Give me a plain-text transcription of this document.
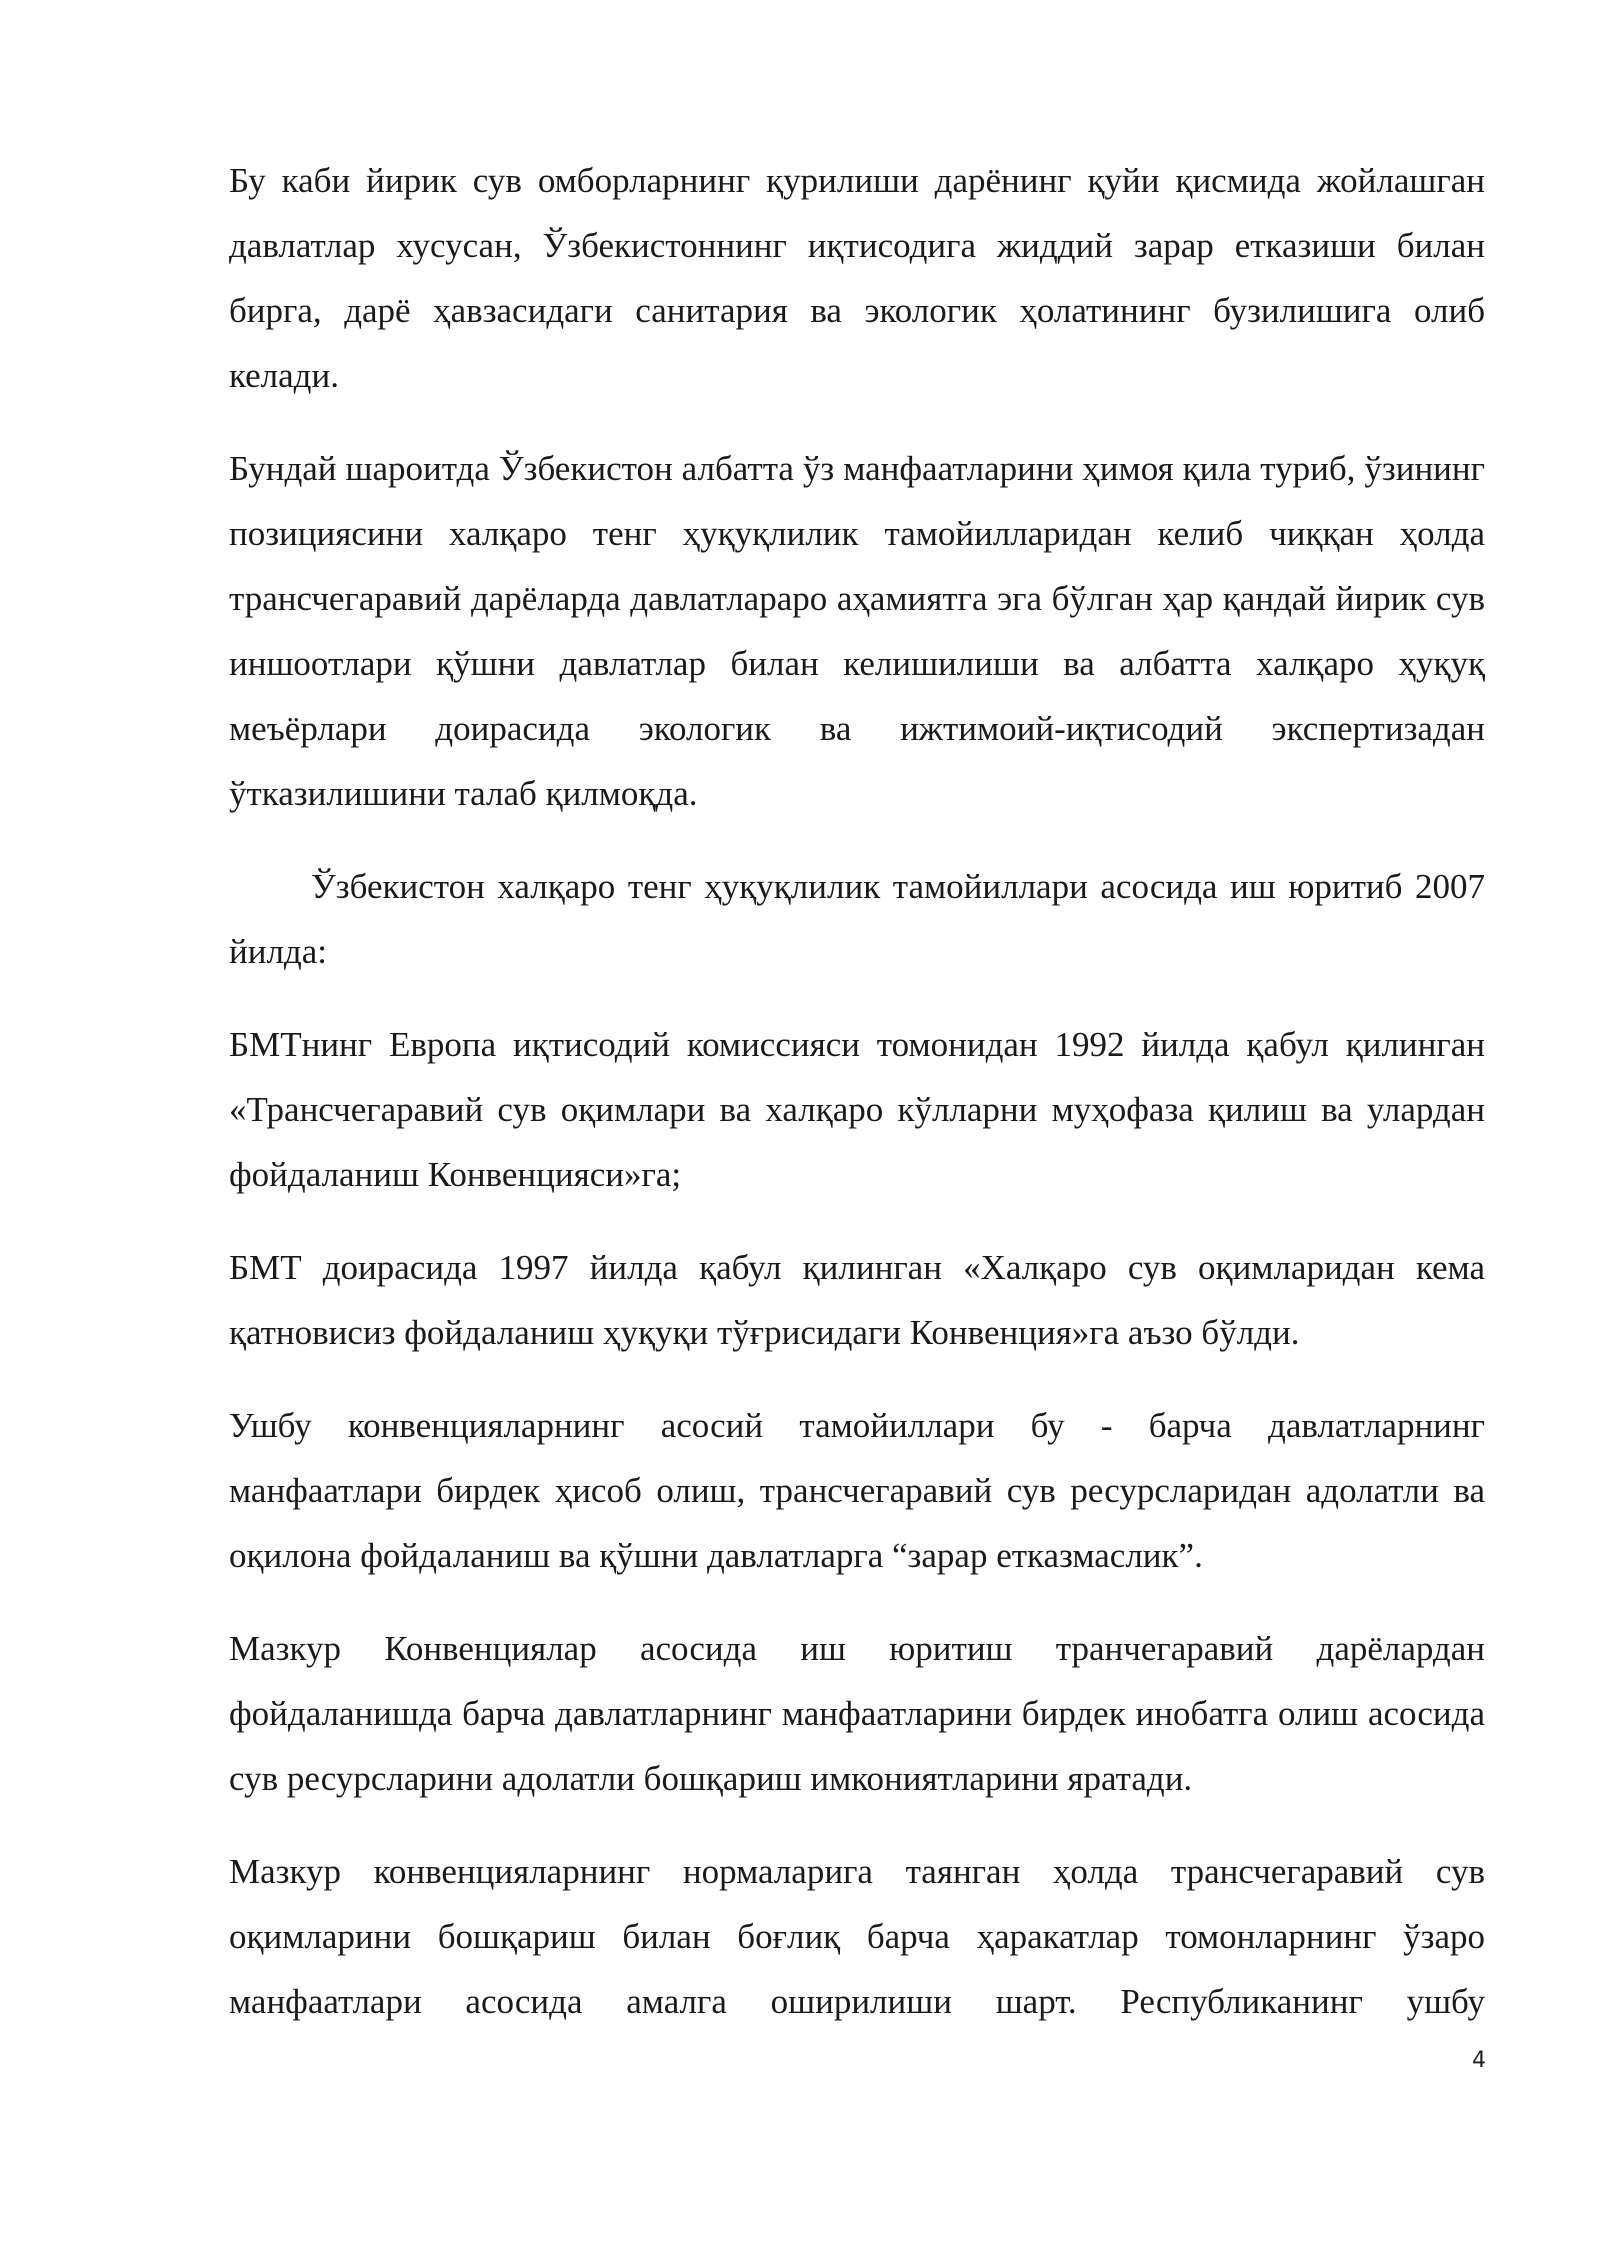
Бу каби йирик сув омборларнинг қурилиши дарёнинг қуйи қисмида жойлашган давлатлар хусусан, Ўзбекистоннинг иқтисодига жиддий зарар етказиши билан бирга, дарё ҳавзасидаги санитария ва экологик ҳолатининг бузилишига олиб келади.

Бундай шароитда Ўзбекистон албатта ўз манфаатларини ҳимоя қила туриб, ўзининг позициясини халқаро тенг ҳуқуқлилик тамойилларидан келиб чиққан ҳолда трансчегаравий дарёларда давлатлараро аҳамиятга эга бўлган ҳар қандай йирик сув иншоотлари қўшни давлатлар билан келишилиши ва албатта халқаро ҳуқуқ меъёрлари доирасида экологик ва ижтимоий-иқтисодий экспертизадан ўтказилишини талаб қилмоқда.

Ўзбекистон халқаро тенг ҳуқуқлилик тамойиллари асосида иш юритиб 2007 йилда:

БМТнинг Европа иқтисодий комиссияси томонидан 1992 йилда қабул қилинган «Трансчегаравий сув оқимлари ва халқаро кўлларни муҳофаза қилиш ва улардан фойдаланиш Конвенцияси»га;

БМТ доирасида 1997 йилда қабул қилинган «Халқаро сув оқимларидан кема қатновисиз фойдаланиш ҳуқуқи тўғрисидаги Конвенция»га аъзо бўлди.

Ушбу конвенцияларнинг асосий тамойиллари бу - барча давлатларнинг манфаатлари бирдек ҳисоб олиш, трансчегаравий сув ресурсларидан адолатли ва оқилона фойдаланиш ва қўшни давлатларга “зарар етказмаслик”.

Мазкур Конвенциялар асосида иш юритиш транчегаравий дарёлардан фойдаланишда барча давлатларнинг манфаатларини бирдек инобатга олиш асосида сув ресурсларини адолатли бошқариш имкониятларини яратади.

Мазкур конвенцияларнинг нормаларига таянган ҳолда трансчегаравий сув оқимларини бошқариш билан боғлиқ барча ҳаракатлар томонларнинг ўзаро манфаатлари асосида амалга оширилиши шарт. Республиканинг ушбу

4
